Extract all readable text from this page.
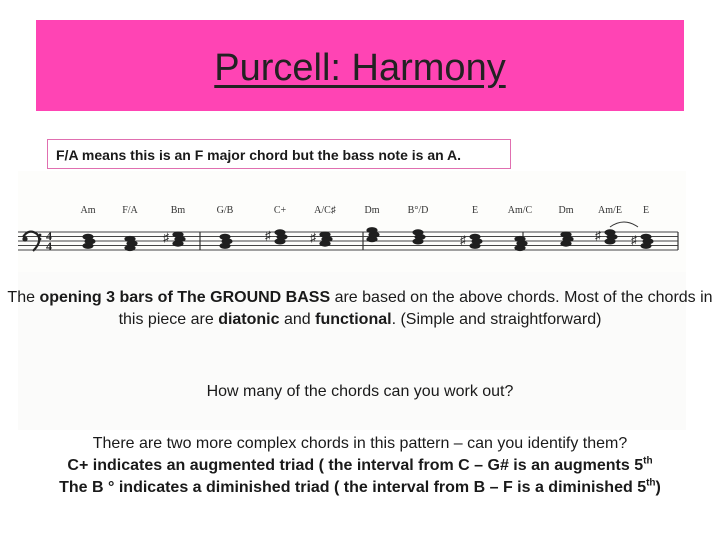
Purcell: Harmony
F/A means this is an F major chord but the bass note is an A.
Am	F/A	Bm	G/B	C+	A/C♯	Dm	B°/D	E	Am/C	Dm Am/E E
4
4
♯	♯	♯	♯	♯	♯
The opening 3 bars of The GROUND BASS are based on the above chords. Most of the chords in this piece are diatonic and functional. (Simple and straightforward)
How many of the chords can you work out?
There are two more complex chords in this pattern – can you identify them?
C+ indicates an augmented triad ( the interval from C – G# is an augments 5th
The B ° indicates a diminished triad ( the interval from B – F is a diminished 5th)
